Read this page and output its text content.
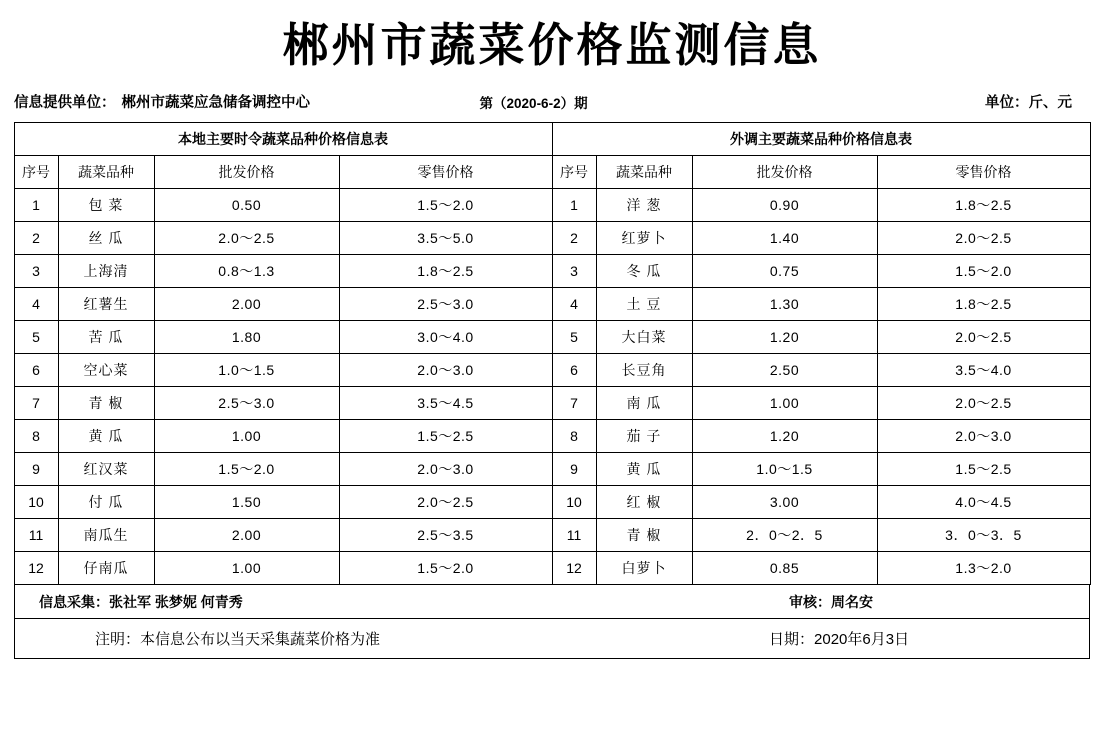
郴州市蔬菜价格监测信息
信息提供单位： 郴州市蔬菜应急储备调控中心	第（2020-6-2）期	单位：斤、元
本地主要时令蔬菜品种价格信息表				外调主要蔬菜品种价格信息表			
序号	蔬菜品种	批发价格	零售价格	序号	蔬菜品种	批发价格	零售价格
1	包 菜	0.50	1.5～2.0	1	洋 葱	0.90	1.8～2.5
2	丝 瓜	2.0～2.5	3.5～5.0	2	红萝卜	1.40	2.0～2.5
3	上海清	0.8～1.3	1.8～2.5	3	冬 瓜	0.75	1.5～2.0
4	红薯生	2.00	2.5～3.0	4	土 豆	1.30	1.8～2.5
5	苦 瓜	1.80	3.0～4.0	5	大白菜	1.20	2.0～2.5
6	空心菜	1.0～1.5	2.0～3.0	6	长豆角	2.50	3.5～4.0
7	青 椒	2.5～3.0	3.5～4.5	7	南 瓜	1.00	2.0～2.5
8	黄 瓜	1.00	1.5～2.5	8	茄 子	1.20	2.0～3.0
9	红汉菜	1.5～2.0	2.0～3.0	9	黄 瓜	1.0～1.5	1.5～2.5
10	付 瓜	1.50	2.0～2.5	10	红 椒	3.00	4.0～4.5
11	南瓜生	2.00	2.5～3.5	11	青 椒	2．0～2．5	3．0～3．5
12	仔南瓜	1.00	1.5～2.0	12	白萝卜	0.85	1.3～2.0
信息采集：张社军 张梦妮 何青秀	审核：周名安
注明：本信息公布以当天采集蔬菜价格为准	日期：2020年6月3日
